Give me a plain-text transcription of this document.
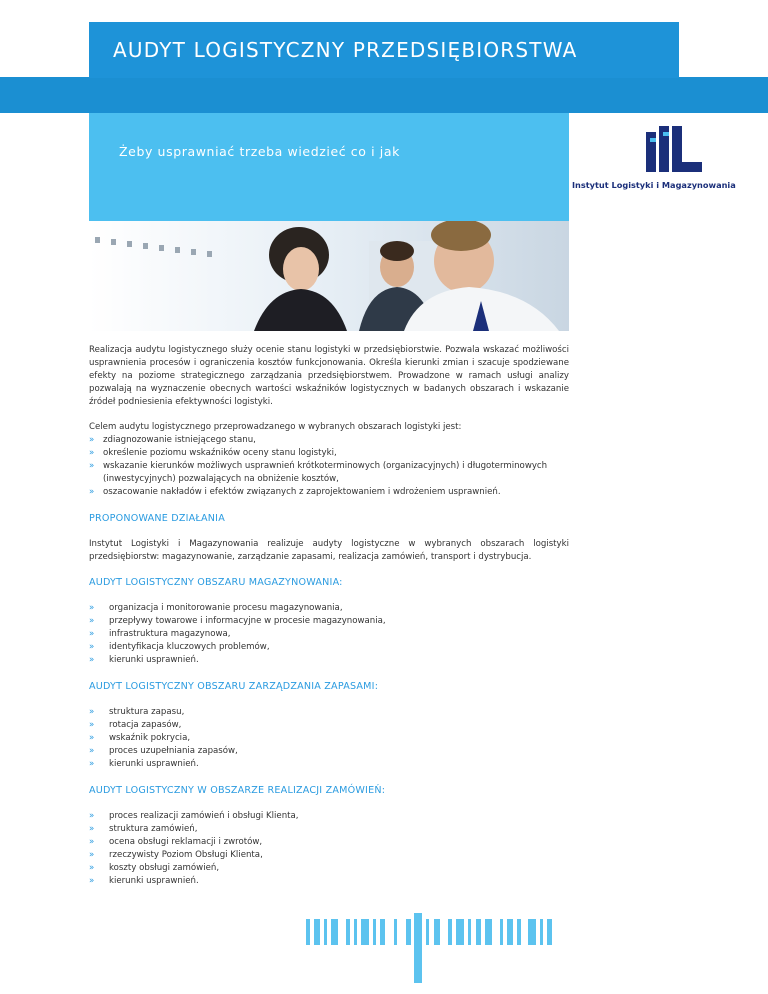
AUDYT LOGISTYCZNY PRZEDSIĘBIORSTWA
Żeby usprawniać trzeba wiedzieć co i jak
Instytut Logistyki i Magazynowania

Realizacja audytu logistycznego służy ocenie stanu logistyki w przedsiębiorstwie. Pozwala wskazać możliwości usprawnienia procesów i ograniczenia kosztów funkcjonowania. Określa kierunki zmian i szacuje spodziewane efekty na poziome strategicznego zarządzania przedsiębiorstwem. Prowadzone w ramach usługi analizy pozwalają na wyznaczenie obecnych wartości wskaźników logistycznych w badanych obszarach i wskazanie źródeł podniesienia efektywności logistyki.

Celem audytu logistycznego przeprowadzanego w wybranych obszarach logistyki jest:

» zdiagnozowanie istniejącego stanu,
» określenie poziomu wskaźników oceny stanu logistyki,
» wskazanie kierunków możliwych usprawnień krótkoterminowych (organizacyjnych) i długoterminowych (inwestycyjnych) pozwalających na obniżenie kosztów,
» oszacowanie nakładów i efektów związanych z zaprojektowaniem i wdrożeniem usprawnień.
PROPONOWANE DZIAŁANIA

Instytut Logistyki i Magazynowania realizuje audyty logistyczne w wybranych obszarach logistyki przedsiębiorstw: magazynowanie, zarządzanie zapasami, realizacja zamówień, transport i dystrybucja.

AUDYT LOGISTYCZNY OBSZARU MAGAZYNOWANIA:
» organizacja i monitorowanie procesu magazynowania,
» przepływy towarowe i informacyjne w procesie magazynowania,
» infrastruktura magazynowa,
» identyfikacja kluczowych problemów,
» kierunki usprawnień.
AUDYT LOGISTYCZNY OBSZARU ZARZĄDZANIA ZAPASAMI:
» struktura zapasu,
» rotacja zapasów,
» wskaźnik pokrycia,
» proces uzupełniania zapasów,
» kierunki usprawnień.
AUDYT LOGISTYCZNY W OBSZARZE REALIZACJI ZAMÓWIEŃ:
» proces realizacji zamówień i obsługi Klienta,
» struktura zamówień,
» ocena obsługi reklamacji i zwrotów,
» rzeczywisty Poziom Obsługi Klienta,
» koszty obsługi zamówień,
» kierunki usprawnień.
